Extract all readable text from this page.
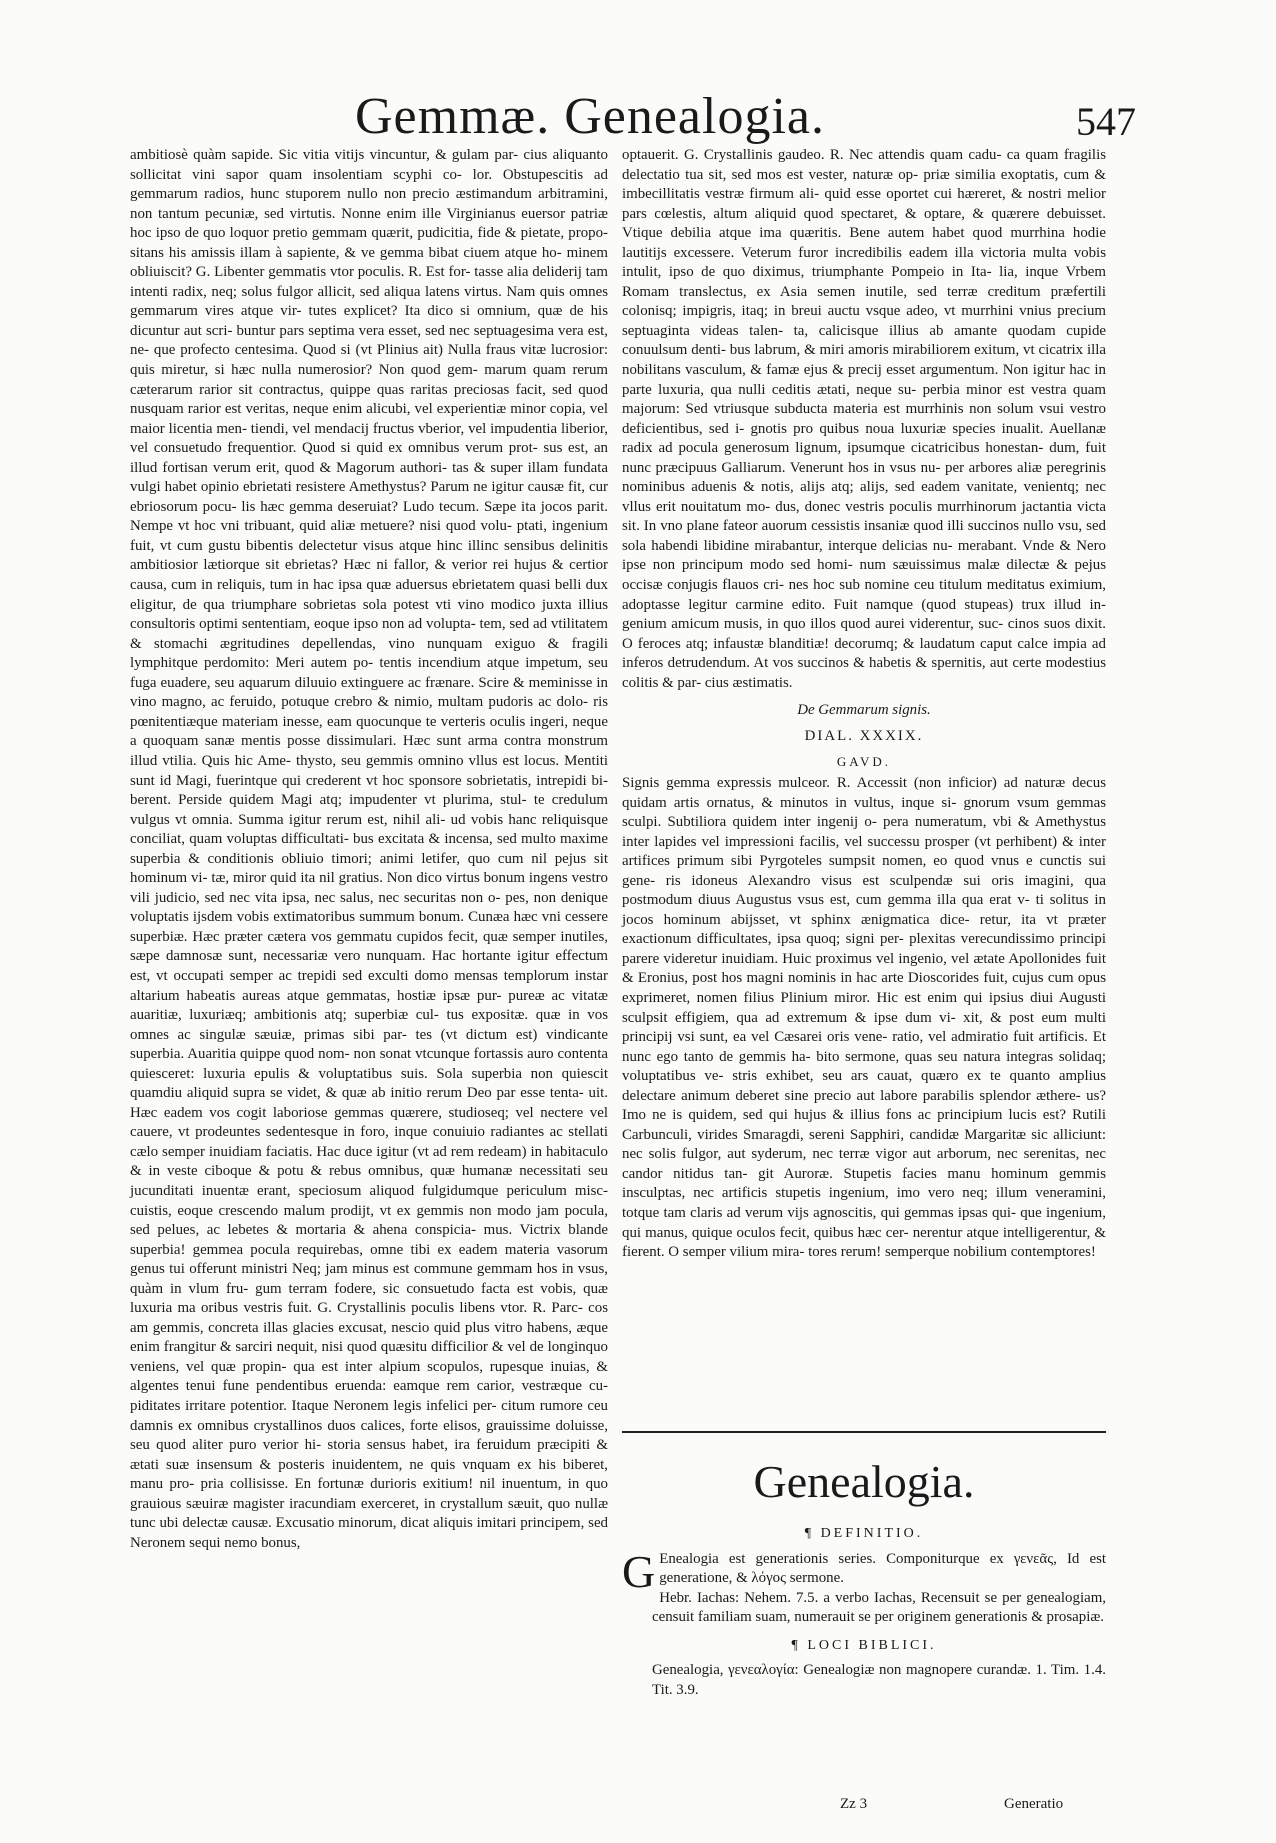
Gemmæ. Genealogia.	547

ambitiosè quàm sapide. Sic vitia vitijs vincuntur, & gulam par- cius aliquanto sollicitat vini sapor quam insolentiam scyphi co- lor. Obstupescitis ad gemmarum radios, hunc stuporem nullo non precio æstimandum arbitramini, non tantum pecuniæ, sed virtutis. Nonne enim ille Virginianus euersor patriæ hoc ipso de quo loquor pretio gemmam quærit, pudicitia, fide & pietate, propo- sitans his amissis illam à sapiente, & ve gemma bibat ciuem atque ho- minem obliuiscit? G. Libenter gemmatis vtor poculis. R. Est for- tasse alia deliderij tam intenti radix, neq; solus fulgor allicit, sed aliqua latens virtus. Nam quis omnes gemmarum vires atque vir- tutes explicet? Ita dico si omnium, quæ de his dicuntur aut scri- buntur pars septima vera esset, sed nec septuagesima vera est, ne- que profecto centesima. Quod si (vt Plinius ait) Nulla fraus vitæ lucrosior: quis miretur, si hæc nulla numerosior? Non quod gem- marum quam rerum cæterarum rarior sit contractus, quippe quas raritas preciosas facit, sed quod nusquam rarior est veritas, neque enim alicubi, vel experientiæ minor copia, vel maior licentia men- tiendi, vel mendacij fructus vberior, vel impudentia liberior, vel consuetudo frequentior. Quod si quid ex omnibus verum prot- sus est, an illud fortisan verum erit, quod & Magorum authori- tas & super illam fundata vulgi habet opinio ebrietati resistere Amethystus? Parum ne igitur causæ fit, cur ebriosorum pocu- lis hæc gemma deseruiat? Ludo tecum. Sæpe ita jocos parit. Nempe vt hoc vni tribuant, quid aliæ metuere? nisi quod volu- ptati, ingenium fuit, vt cum gustu bibentis delectetur visus atque hinc illinc sensibus delinitis ambitiosior lætiorque sit ebrietas? Hæc ni fallor, & verior rei hujus & certior causa, cum in reliquis, tum in hac ipsa quæ aduersus ebrietatem quasi belli dux eligitur, de qua triumphare sobrietas sola potest vti vino modico juxta illius consultoris optimi sententiam, eoque ipso non ad volupta- tem, sed ad vtilitatem & stomachi ægritudines depellendas, vino nunquam exiguo & fragili lymphitque perdomito: Meri autem po- tentis incendium atque impetum, seu fuga euadere, seu aquarum diluuio extinguere ac frænare. Scire & meminisse in vino magno, ac feruido, potuque crebro & nimio, multam pudoris ac dolo- ris pœnitentiæque materiam inesse, eam quocunque te verteris oculis ingeri, neque a quoquam sanæ mentis posse dissimulari. Hæc sunt arma contra monstrum illud vtilia. Quis hic Ame- thysto, seu gemmis omnino vllus est locus. Mentiti sunt id Magi, fuerintque qui crederent vt hoc sponsore sobrietatis, intrepidi bi- berent. Perside quidem Magi atq; impudenter vt plurima, stul- te credulum vulgus vt omnia. Summa igitur rerum est, nihil ali- ud vobis hanc reliquisque conciliat, quam voluptas difficultati- bus excitata & incensa, sed multo maxime superbia & conditionis obliuio timori; animi letifer, quo cum nil pejus sit hominum vi- tæ, miror quid ita nil gratius. Non dico virtus bonum ingens vestro vili judicio, sed nec vita ipsa, nec salus, nec securitas non o- pes, non denique voluptatis ijsdem vobis extimatoribus summum bonum. Cunæa hæc vni cessere superbiæ. Hæc præter cætera vos gemmatu cupidos fecit, quæ semper inutiles, sæpe damnosæ sunt, necessariæ vero nunquam. Hac hortante igitur effectum est, vt occupati semper ac trepidi sed exculti domo mensas templorum instar altarium habeatis aureas atque gemmatas, hostiæ ipsæ pur- pureæ ac vitatæ auaritiæ, luxuriæq; ambitionis atq; superbiæ cul- tus expositæ. quæ in vos omnes ac singulæ sæuiæ, primas sibi par- tes (vt dictum est) vindicante superbia. Auaritia quippe quod nom- non sonat vtcunque fortassis auro contenta quiesceret: luxuria epulis & voluptatibus suis. Sola superbia non quiescit quamdiu aliquid supra se videt, & quæ ab initio rerum Deo par esse tenta- uit. Hæc eadem vos cogit laboriose gemmas quærere, studioseq; vel nectere vel cauere, vt prodeuntes sedentesque in foro, inque conuiuio radiantes ac stellati cælo semper inuidiam faciatis. Hac duce igitur (vt ad rem redeam) in habitaculo & in veste ciboque & potu & rebus omnibus, quæ humanæ necessitati seu jucunditati inuentæ erant, speciosum aliquod fulgidumque periculum misc- cuistis, eoque crescendo malum prodijt, vt ex gemmis non modo jam pocula, sed pelues, ac lebetes & mortaria & ahena conspicia- mus. Victrix blande superbia! gemmea pocula requirebas, omne tibi ex eadem materia vasorum genus tui offerunt ministri Neq; jam minus est commune gemmam hos in vsus, quàm in vlum fru- gum terram fodere, sic consuetudo facta est vobis, quæ luxuria ma oribus vestris fuit. G. Crystallinis poculis libens vtor. R. Parc- cos am gemmis, concreta illas glacies excusat, nescio quid plus vitro habens, æque enim frangitur & sarciri nequit, nisi quod quæsitu difficilior & vel de longinquo veniens, vel quæ propin- qua est inter alpium scopulos, rupesque inuias, & algentes tenui fune pendentibus eruenda: eamque rem carior, vestræque cu- piditates irritare potentior. Itaque Neronem legis infelici per- citum rumore ceu damnis ex omnibus crystallinos duos calices, forte elisos, grauissime doluisse, seu quod aliter puro verior hi- storia sensus habet, ira feruidum præcipiti & ætati suæ insensum & posteris inuidentem, ne quis vnquam ex his biberet, manu pro- pria collisisse. En fortunæ durioris exitium! nil inuentum, in quo grauious sæuiræ magister iracundiam exerceret, in crystallum sæuit, quo nullæ tunc ubi delectæ causæ. Excusatio minorum, dicat aliquis imitari principem, sed Neronem sequi nemo bonus,

optauerit. G. Crystallinis gaudeo. R. Nec attendis quam cadu- ca quam fragilis delectatio tua sit, sed mos est vester, naturæ op- priæ similia exoptatis, cum & imbecillitatis vestræ firmum ali- quid esse oportet cui hæreret, & nostri melior pars cœlestis, altum aliquid quod spectaret, & optare, & quærere debuisset. Vtique debilia atque ima quæritis. Bene autem habet quod murrhina hodie lautitijs excessere. Veterum furor incredibilis eadem illa victoria multa vobis intulit, ipso de quo diximus, triumphante Pompeio in Ita- lia, inque Vrbem Romam translectus, ex Asia semen inutile, sed terræ creditum præfertili colonisq; impigris, itaq; in breui auctu vsque adeo, vt murrhini vnius precium septuaginta videas talen- ta, calicisque illius ab amante quodam cupide conuulsum denti- bus labrum, & miri amoris mirabiliorem exitum, vt cicatrix illa nobilitans vasculum, & famæ ejus & precij esset argumentum. Non igitur hac in parte luxuria, qua nulli ceditis ætati, neque su- perbia minor est vestra quam majorum: Sed vtriusque subducta materia est murrhinis non solum vsui vestro deficientibus, sed i- gnotis pro quibus noua luxuriæ species inualit. Auellanæ radix ad pocula generosum lignum, ipsumque cicatricibus honestan- dum, fuit nunc præcipuus Galliarum. Venerunt hos in vsus nu- per arbores aliæ peregrinis nominibus aduenis & notis, alijs atq; alijs, sed eadem vanitate, venientq; nec vllus erit nouitatum mo- dus, donec vestris poculis murrhinorum jactantia victa sit. In vno plane fateor auorum cessistis insaniæ quod illi succinos nullo vsu, sed sola habendi libidine mirabantur, interque delicias nu- merabant. Vnde & Nero ipse non principum modo sed homi- num sæuissimus malæ dilectæ & pejus occisæ conjugis flauos cri- nes hoc sub nomine ceu titulum meditatus eximium, adoptasse legitur carmine edito. Fuit namque (quod stupeas) trux illud in- genium amicum musis, in quo illos quod aurei viderentur, suc- cinos suos dixit. O feroces atq; infaustæ blanditiæ! decorumq; & laudatum caput calce impia ad inferos detrudendum. At vos succinos & habetis & spernitis, aut certe modestius colitis & par- cius æstimatis.

De Gemmarum signis.
DIAL. XXXIX.
GAVD.

Signis gemma expressis mulceor. R. Accessit (non inficior) ad naturæ decus quidam artis ornatus, & minutos in vultus, inque si- gnorum vsum gemmas sculpi. Subtiliora quidem inter ingenij o- pera numeratum, vbi & Amethystus inter lapides vel impressioni facilis, vel successu prosper (vt perhibent) & inter artifices primum sibi Pyrgoteles sumpsit nomen, eo quod vnus e cunctis sui gene- ris idoneus Alexandro visus est sculpendæ sui oris imagini, qua postmodum diuus Augustus vsus est, cum gemma illa qua erat v- ti solitus in jocos hominum abijsset, vt sphinx ænigmatica dice- retur, ita vt præter exactionum difficultates, ipsa quoq; signi per- plexitas verecundissimo principi parere videretur inuidiam. Huic proximus vel ingenio, vel ætate Apollonides fuit & Eronius, post hos magni nominis in hac arte Dioscorides fuit, cujus cum opus exprimeret, nomen filius Plinium miror. Hic est enim qui ipsius diui Augusti sculpsit effigiem, qua ad extremum & ipse dum vi- xit, & post eum multi principij vsi sunt, ea vel Cæsarei oris vene- ratio, vel admiratio fuit artificis. Et nunc ego tanto de gemmis ha- bito sermone, quas seu natura integras solidaq; voluptatibus ve- stris exhibet, seu ars cauat, quæro ex te quanto amplius delectare animum deberet sine precio aut labore parabilis splendor æthere- us? Imo ne is quidem, sed qui hujus & illius fons ac principium lucis est? Rutili Carbunculi, virides Smaragdi, sereni Sapphiri, candidæ Margaritæ sic alliciunt: nec solis fulgor, aut syderum, nec terræ vigor aut arborum, nec serenitas, nec candor nitidus tan- git Auroræ. Stupetis facies manu hominum gemmis insculptas, nec artificis stupetis ingenium, imo vero neq; illum veneramini, totque tam claris ad verum vijs agnoscitis, qui gemmas ipsas qui- que ingenium, qui manus, quique oculos fecit, quibus hæc cer- nerentur atque intelligerentur, & fierent. O semper vilium mira- tores rerum! semperque nobilium contemptores!

Genealogia.
¶ DEFINITIO.

G Enealogia est generationis series. Componiturque ex γενεᾶς, Id est generatione, & λόγος sermone.

Hebr. Iachas: Nehem. 7.5. a verbo Iachas, Recensuit se per genealogiam, censuit familiam suam, numerauit se per originem generationis & prosapiæ.

¶ LOCI BIBLICI.

Genealogia, γενεαλογία: Genealogiæ non magnopere curandæ. 1. Tim. 1.4. Tit. 3.9.

Zz 3	Generatio
